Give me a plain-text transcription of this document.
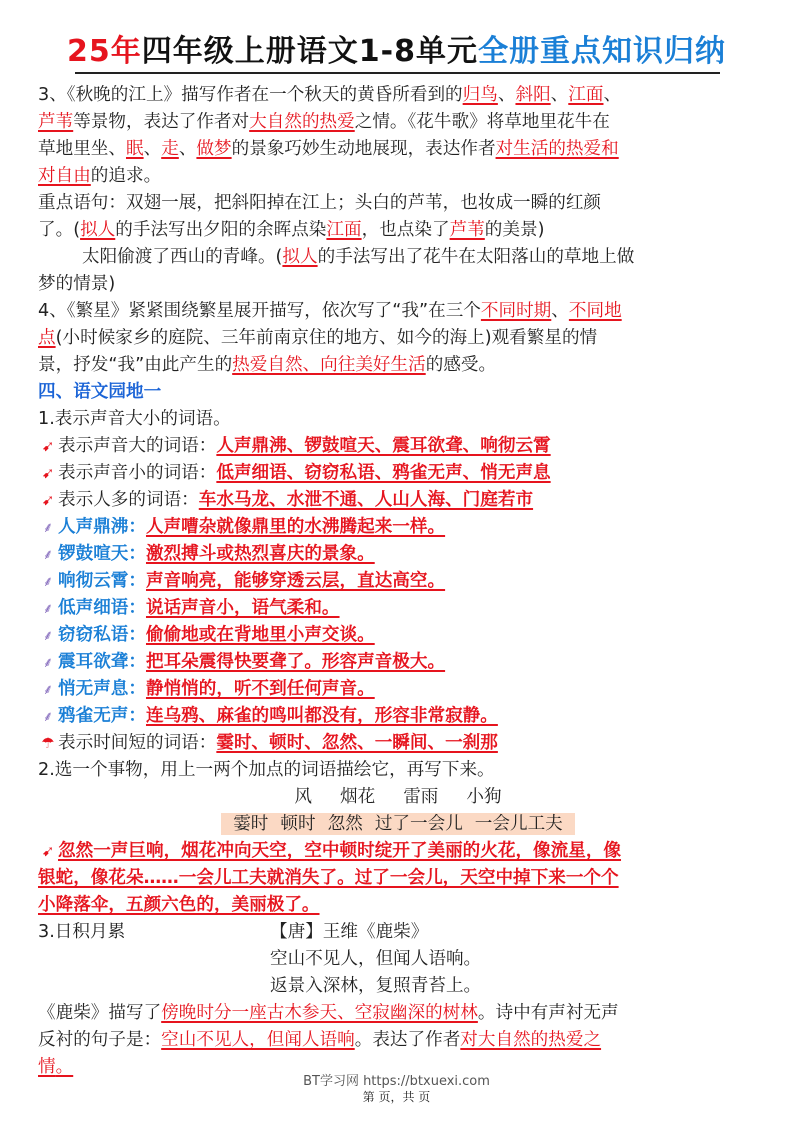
25年四年级上册语文1-8单元全册重点知识归纳
3、《秋晚的江上》描写作者在一个秋天的黄昏所看到的归鸟、斜阳、江面、
芦苇等景物，表达了作者对大自然的热爱之情。《花牛歌》将草地里花牛在
草地里坐、眠、走、做梦的景象巧妙生动地展现，表达作者对生活的热爱和
对自由的追求。
重点语句：双翅一展，把斜阳掉在江上；头白的芦苇，也妆成一瞬的红颜
了。(拟人的手法写出夕阳的余晖点染江面，也点染了芦苇的美景)
太阳偷渡了西山的青峰。(拟人的手法写出了花牛在太阳落山的草地上做
梦的情景)
4、《繁星》紧紧围绕繁星展开描写，依次写了“我”在三个不同时期、不同地
点(小时候家乡的庭院、三年前南京住的地方、如今的海上)观看繁星的情
景，抒发“我”由此产生的热爱自然、向往美好生活的感受。
四、语文园地一
1.表示声音大小的词语。
➹ 表示声音大的词语：人声鼎沸、锣鼓喧天、震耳欲聋、响彻云霄
➹ 表示声音小的词语：低声细语、窃窃私语、鸦雀无声、悄无声息
➹ 表示人多的词语：车水马龙、水泄不通、人山人海、门庭若市
⸙ 人声鼎沸：人声嘈杂就像鼎里的水沸腾起来一样。
⸙ 锣鼓喧天：激烈搏斗或热烈喜庆的景象。
⸙ 响彻云霄：声音响亮，能够穿透云层，直达高空。
⸙ 低声细语：说话声音小，语气柔和。
⸙ 窃窃私语：偷偷地或在背地里小声交谈。
⸙ 震耳欲聋：把耳朵震得快要聋了。形容声音极大。
⸙ 悄无声息：静悄悄的，听不到任何声音。
⸙ 鸦雀无声：连乌鸦、麻雀的鸣叫都没有，形容非常寂静。
☂ 表示时间短的词语：霎时、顿时、忽然、一瞬间、一刹那
2.选一个事物，用上一两个加点的词语描绘它，再写下来。
风 烟花 雷雨 小狗
霎时 顿时 忽然 过了一会儿 一会儿工夫
➹ 忽然一声巨响，烟花冲向天空，空中顿时绽开了美丽的火花，像流星，像
银蛇，像花朵……一会儿工夫就消失了。过了一会儿，天空中掉下来一个个
小降落伞，五颜六色的，美丽极了。
3.日积月累	【唐】王维《鹿柴》
空山不见人，但闻人语响。
返景入深林，复照青苔上。
《鹿柴》描写了傍晚时分一座古木参天、空寂幽深的树林。诗中有声衬无声
反衬的句子是：空山不见人，但闻人语响。表达了作者对大自然的热爱之
情。
BT学习网 https://btxuexi.com
第 页，共 页
